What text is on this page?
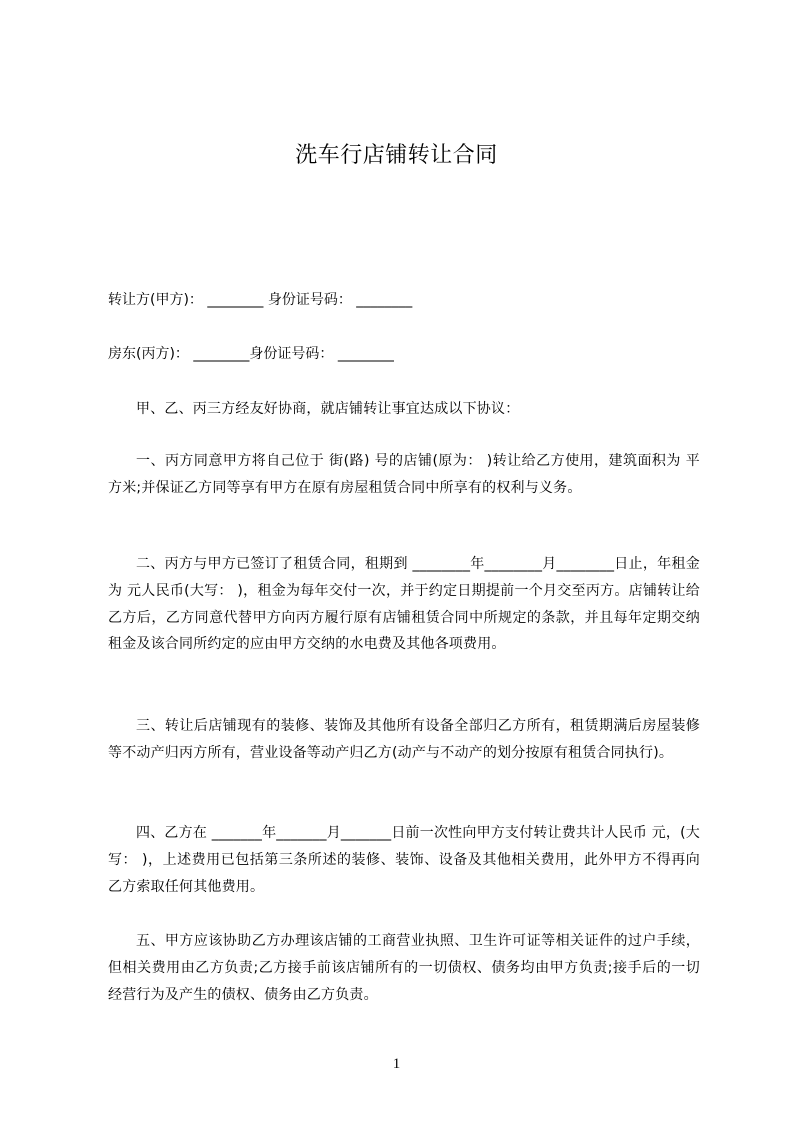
洗车行店铺转让合同
转让方(甲方)： ________ 身份证号码： ________
房东(丙方)： ________身份证号码： ________
甲、乙、丙三方经友好协商，就店铺转让事宜达成以下协议：
一、丙方同意甲方将自己位于 街(路) 号的店铺(原为： )转让给乙方使用，建筑面积为 平方米;并保证乙方同等享有甲方在原有房屋租赁合同中所享有的权利与义务。
二、丙方与甲方已签订了租赁合同，租期到 ________年________月________日止，年租金为 元人民币(大写： )，租金为每年交付一次，并于约定日期提前一个月交至丙方。店铺转让给乙方后，乙方同意代替甲方向丙方履行原有店铺租赁合同中所规定的条款，并且每年定期交纳租金及该合同所约定的应由甲方交纳的水电费及其他各项费用。
三、转让后店铺现有的装修、装饰及其他所有设备全部归乙方所有，租赁期满后房屋装修等不动产归丙方所有，营业设备等动产归乙方(动产与不动产的划分按原有租赁合同执行)。
四、乙方在 _______年_______月_______日前一次性向甲方支付转让费共计人民币 元，(大写： )，上述费用已包括第三条所述的装修、装饰、设备及其他相关费用，此外甲方不得再向乙方索取任何其他费用。
五、甲方应该协助乙方办理该店铺的工商营业执照、卫生许可证等相关证件的过户手续，但相关费用由乙方负责;乙方接手前该店铺所有的一切债权、债务均由甲方负责;接手后的一切经营行为及产生的债权、债务由乙方负责。
1
